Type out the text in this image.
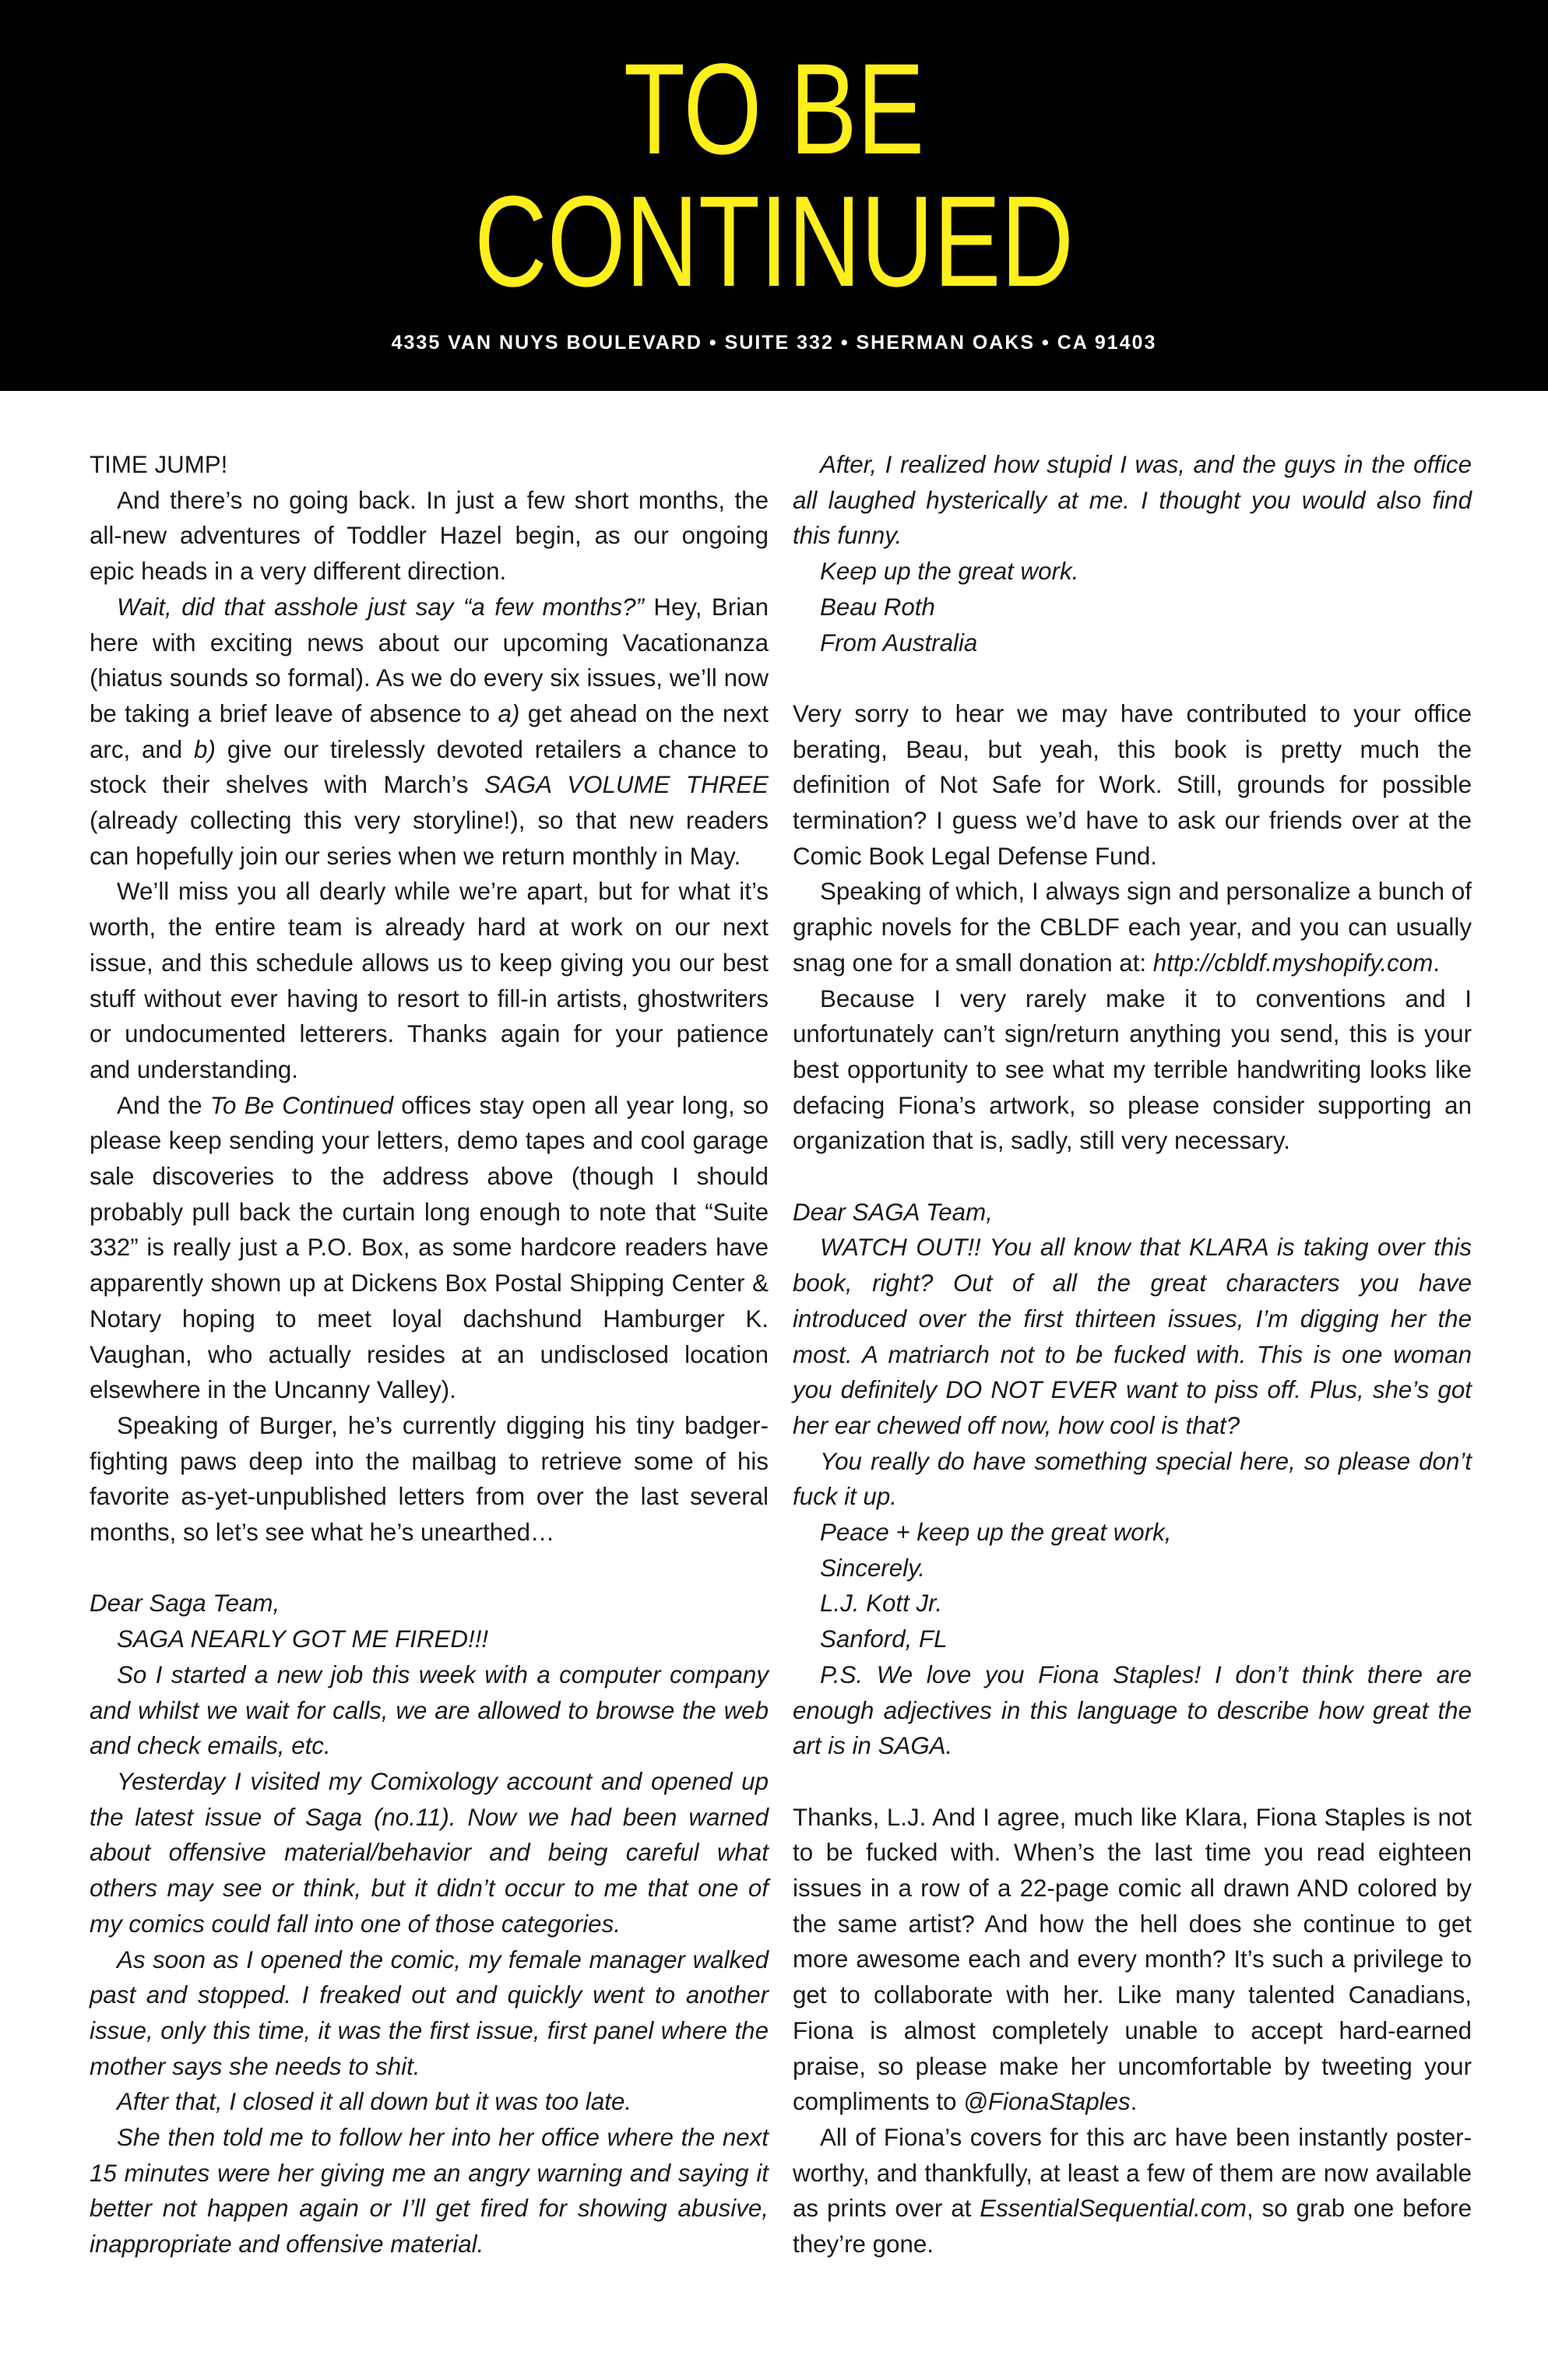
TO BE
CONTINUED
4335 VAN NUYS BOULEVARD • SUITE 332 • SHERMAN OAKS • CA 91403

TIME JUMP!

And there’s no going back. In just a few short months, the all-new adventures of Toddler Hazel begin, as our ongoing epic heads in a very different direction.

Wait, did that asshole just say “a few months?” Hey, Brian here with exciting news about our upcoming Vacationanza (hiatus sounds so formal). As we do every six issues, we’ll now be taking a brief leave of absence to a) get ahead on the next arc, and b) give our tirelessly devoted retailers a chance to stock their shelves with March’s SAGA VOLUME THREE (already collecting this very storyline!), so that new readers can hopefully join our series when we return monthly in May.

We’ll miss you all dearly while we’re apart, but for what it’s worth, the entire team is already hard at work on our next issue, and this schedule allows us to keep giving you our best stuff without ever having to resort to fill-in artists, ghostwriters or undocumented letterers. Thanks again for your patience and understanding.

And the To Be Continued offices stay open all year long, so please keep sending your letters, demo tapes and cool garage sale discoveries to the address above (though I should probably pull back the curtain long enough to note that “Suite 332” is really just a P.O. Box, as some hardcore readers have apparently shown up at Dickens Box Postal Shipping Center & Notary hoping to meet loyal dachshund Hamburger K. Vaughan, who actually resides at an undisclosed location elsewhere in the Uncanny Valley).

Speaking of Burger, he’s currently digging his tiny badger-fighting paws deep into the mailbag to retrieve some of his favorite as-yet-unpublished letters from over the last several months, so let’s see what he’s unearthed…

Dear Saga Team,

SAGA NEARLY GOT ME FIRED!!!

So I started a new job this week with a computer company and whilst we wait for calls, we are allowed to browse the web and check emails, etc.

Yesterday I visited my Comixology account and opened up the latest issue of Saga (no.11). Now we had been warned about offensive material/behavior and being careful what others may see or think, but it didn’t occur to me that one of my comics could fall into one of those categories.

As soon as I opened the comic, my female manager walked past and stopped. I freaked out and quickly went to another issue, only this time, it was the first issue, first panel where the mother says she needs to shit.

After that, I closed it all down but it was too late.

She then told me to follow her into her office where the next 15 minutes were her giving me an angry warning and saying it better not happen again or I’ll get fired for showing abusive, inappropriate and offensive material.

After, I realized how stupid I was, and the guys in the office all laughed hysterically at me. I thought you would also find this funny.

Keep up the great work.

Beau Roth

From Australia

Very sorry to hear we may have contributed to your office berating, Beau, but yeah, this book is pretty much the definition of Not Safe for Work. Still, grounds for possible termination? I guess we’d have to ask our friends over at the Comic Book Legal Defense Fund.

Speaking of which, I always sign and personalize a bunch of graphic novels for the CBLDF each year, and you can usually snag one for a small donation at: http://cbldf.myshopify.com.

Because I very rarely make it to conventions and I unfortunately can’t sign/return anything you send, this is your best opportunity to see what my terrible handwriting looks like defacing Fiona’s artwork, so please consider supporting an organization that is, sadly, still very necessary.

Dear SAGA Team,

WATCH OUT!! You all know that KLARA is taking over this book, right? Out of all the great characters you have introduced over the first thirteen issues, I’m digging her the most. A matriarch not to be fucked with. This is one woman you definitely DO NOT EVER want to piss off. Plus, she’s got her ear chewed off now, how cool is that?

You really do have something special here, so please don’t fuck it up.

Peace + keep up the great work,

Sincerely.

L.J. Kott Jr.

Sanford, FL

P.S. We love you Fiona Staples! I don’t think there are enough adjectives in this language to describe how great the art is in SAGA.

Thanks, L.J. And I agree, much like Klara, Fiona Staples is not to be fucked with. When’s the last time you read eighteen issues in a row of a 22-page comic all drawn AND colored by the same artist? And how the hell does she continue to get more awesome each and every month? It’s such a privilege to get to collaborate with her. Like many talented Canadians, Fiona is almost completely unable to accept hard-earned praise, so please make her uncomfortable by tweeting your compliments to @FionaStaples.

All of Fiona’s covers for this arc have been instantly poster-worthy, and thankfully, at least a few of them are now available as prints over at EssentialSequential.com, so grab one before they’re gone.
